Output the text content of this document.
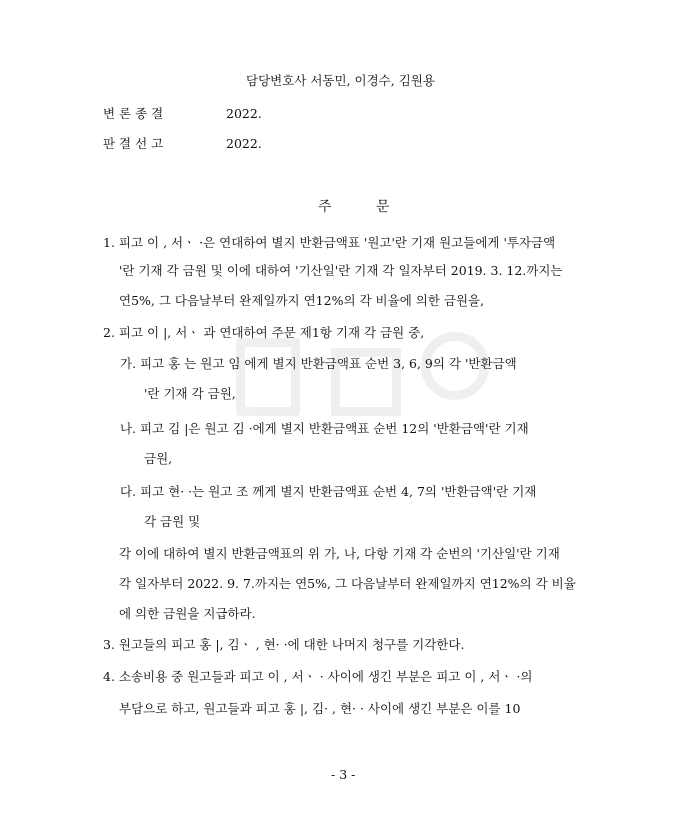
담당변호사 서동민, 이경수, 김원용
변 론 종 결	2022.
판 결 선 고	2022.
주          문
1. 피고 이 , 서ㆍ ·은 연대하여 별지 반환금액표 '원고'란 기재 원고들에게 '투자금액
'란 기재 각 금원 및 이에 대하여 '기산일'란 기재 각 일자부터 2019. 3. 12.까지는
연5%, 그 다음날부터 완제일까지 연12%의 각 비율에 의한 금원을,
2. 피고 이 |, 서ㆍ 과 연대하여 주문 제1항 기재 각 금원 중,
가. 피고 홍 는 원고 임 에게 별지 반환금액표 순번 3, 6, 9의 각 '반환금액
'란 기재 각 금원,
나. 피고 김 |은 원고 김 ·에게 별지 반환금액표 순번 12의 '반환금액'란 기재
금원,
다. 피고 현· ·는 원고 조 께게 별지 반환금액표 순번 4, 7의 '반환금액'란 기재
각 금원 및
각 이에 대하여 별지 반환금액표의 위 가, 나, 다항 기재 각 순번의 '기산일'란 기재
각 일자부터 2022. 9. 7.까지는 연5%, 그 다음날부터 완제일까지 연12%의 각 비율
에 의한 금원을 지급하라.
3. 원고들의 피고 홍 |, 김ㆍ , 현· ·에 대한 나머지 청구를 기각한다.
4. 소송비용 중 원고들과 피고 이 , 서ㆍ · 사이에 생긴 부분은 피고 이 , 서ㆍ ·의
부담으로 하고, 원고들과 피고 홍 |, 김· , 현· · 사이에 생긴 부분은 이를 10
- 3 -
